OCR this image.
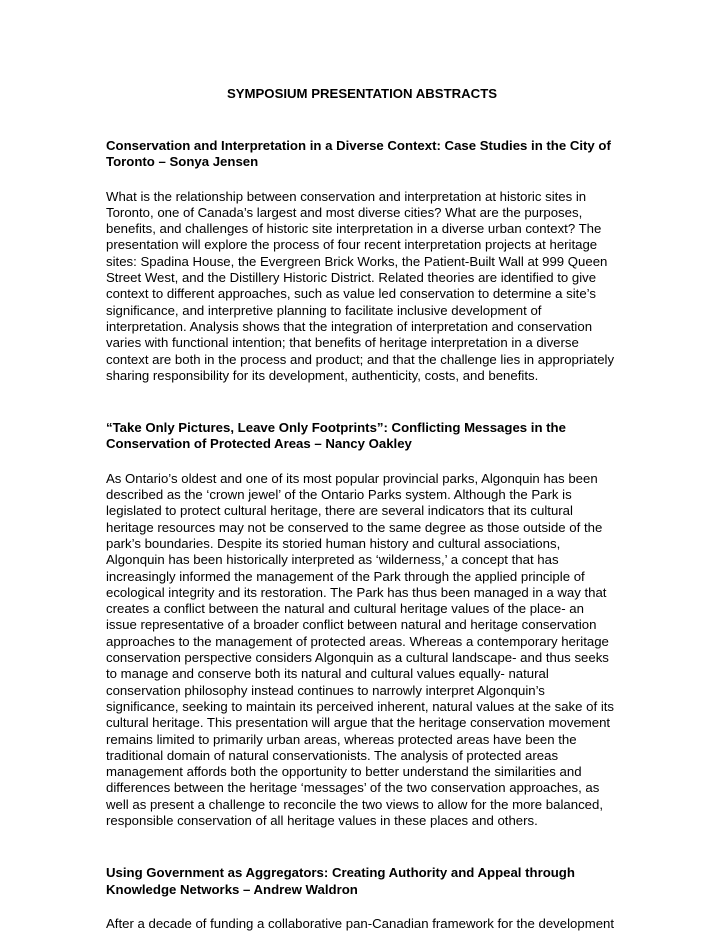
SYMPOSIUM PRESENTATION ABSTRACTS
Conservation and Interpretation in a Diverse Context: Case Studies in the City of Toronto – Sonya Jensen

What is the relationship between conservation and interpretation at historic sites in Toronto, one of Canada’s largest and most diverse cities? What are the purposes, benefits, and challenges of historic site interpretation in a diverse urban context? The presentation will explore the process of four recent interpretation projects at heritage sites: Spadina House, the Evergreen Brick Works, the Patient-Built Wall at 999 Queen Street West, and the Distillery Historic District. Related theories are identified to give context to different approaches, such as value led conservation to determine a site’s significance, and interpretive planning to facilitate inclusive development of interpretation. Analysis shows that the integration of interpretation and conservation varies with functional intention; that benefits of heritage interpretation in a diverse context are both in the process and product; and that the challenge lies in appropriately sharing responsibility for its development, authenticity, costs, and benefits.

“Take Only Pictures, Leave Only Footprints”: Conflicting Messages in the Conservation of Protected Areas – Nancy Oakley

As Ontario’s oldest and one of its most popular provincial parks, Algonquin has been described as the ‘crown jewel’ of the Ontario Parks system. Although the Park is legislated to protect cultural heritage, there are several indicators that its cultural heritage resources may not be conserved to the same degree as those outside of the park’s boundaries. Despite its storied human history and cultural associations, Algonquin has been historically interpreted as ‘wilderness,’ a concept that has increasingly informed the management of the Park through the applied principle of ecological integrity and its restoration. The Park has thus been managed in a way that creates a conflict between the natural and cultural heritage values of the place- an issue representative of a broader conflict between natural and heritage conservation approaches to the management of protected areas. Whereas a contemporary heritage conservation perspective considers Algonquin as a cultural landscape- and thus seeks to manage and conserve both its natural and cultural values equally- natural conservation philosophy instead continues to narrowly interpret Algonquin’s significance, seeking to maintain its perceived inherent, natural values at the sake of its cultural heritage. This presentation will argue that the heritage conservation movement remains limited to primarily urban areas, whereas protected areas have been the traditional domain of natural conservationists. The analysis of protected areas management affords both the opportunity to better understand the similarities and differences between the heritage ‘messages’ of the two conservation approaches, as well as present a challenge to reconcile the two views to allow for the more balanced, responsible conservation of all heritage values in these places and others.

Using Government as Aggregators: Creating Authority and Appeal through Knowledge Networks – Andrew Waldron

After a decade of funding a collaborative pan-Canadian framework for the development
